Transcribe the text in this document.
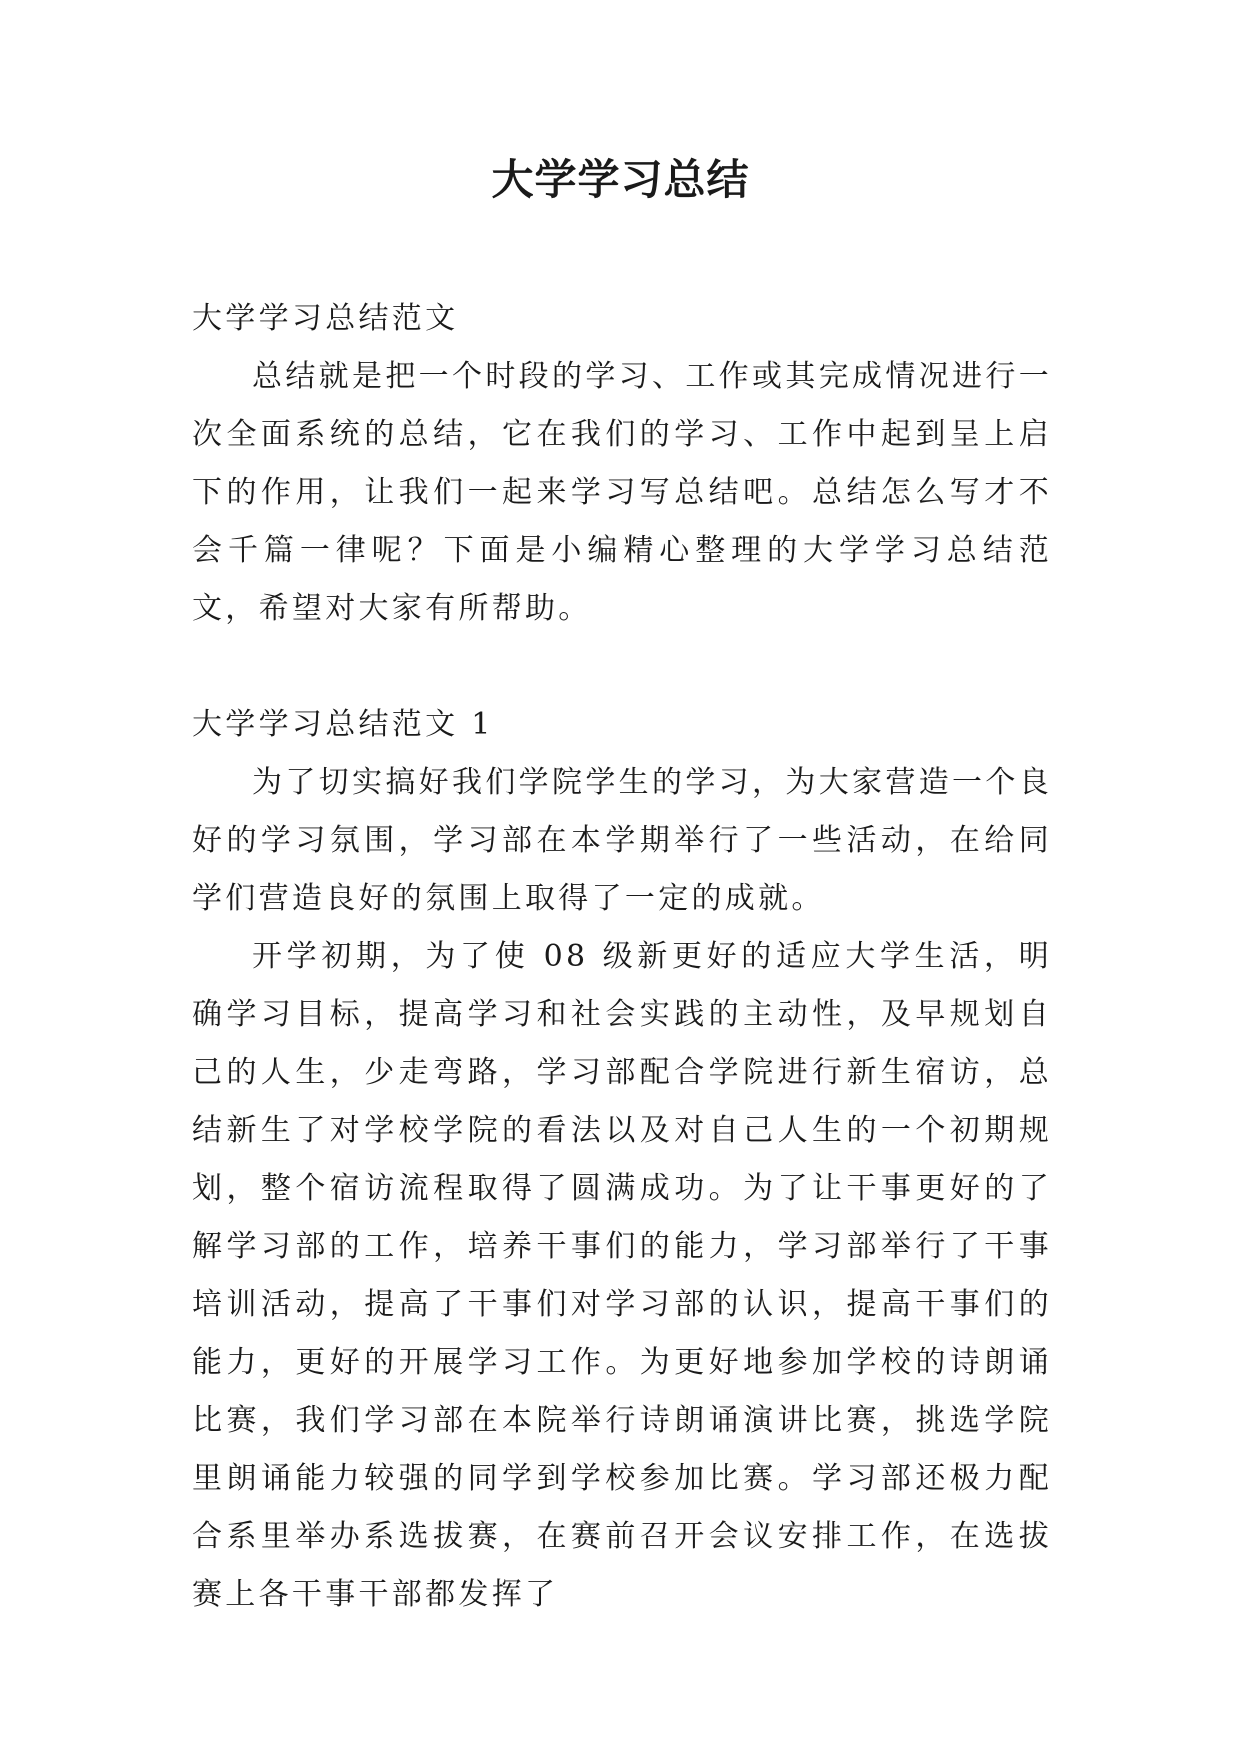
大学学习总结

大学学习总结范文

总结就是把一个时段的学习、工作或其完成情况进行一次全面系统的总结，它在我们的学习、工作中起到呈上启下的作用，让我们一起来学习写总结吧。总结怎么写才不会千篇一律呢？下面是小编精心整理的大学学习总结范文，希望对大家有所帮助。

大学学习总结范文 1

为了切实搞好我们学院学生的学习，为大家营造一个良好的学习氛围，学习部在本学期举行了一些活动，在给同学们营造良好的氛围上取得了一定的成就。

开学初期，为了使 08 级新更好的适应大学生活，明确学习目标，提高学习和社会实践的主动性，及早规划自己的人生，少走弯路，学习部配合学院进行新生宿访，总结新生了对学校学院的看法以及对自己人生的一个初期规划，整个宿访流程取得了圆满成功。为了让干事更好的了解学习部的工作，培养干事们的能力，学习部举行了干事培训活动，提高了干事们对学习部的认识，提高干事们的能力，更好的开展学习工作。为更好地参加学校的诗朗诵比赛，我们学习部在本院举行诗朗诵演讲比赛，挑选学院里朗诵能力较强的同学到学校参加比赛。学习部还极力配合系里举办系选拔赛，在赛前召开会议安排工作，在选拔赛上各干事干部都发挥了
